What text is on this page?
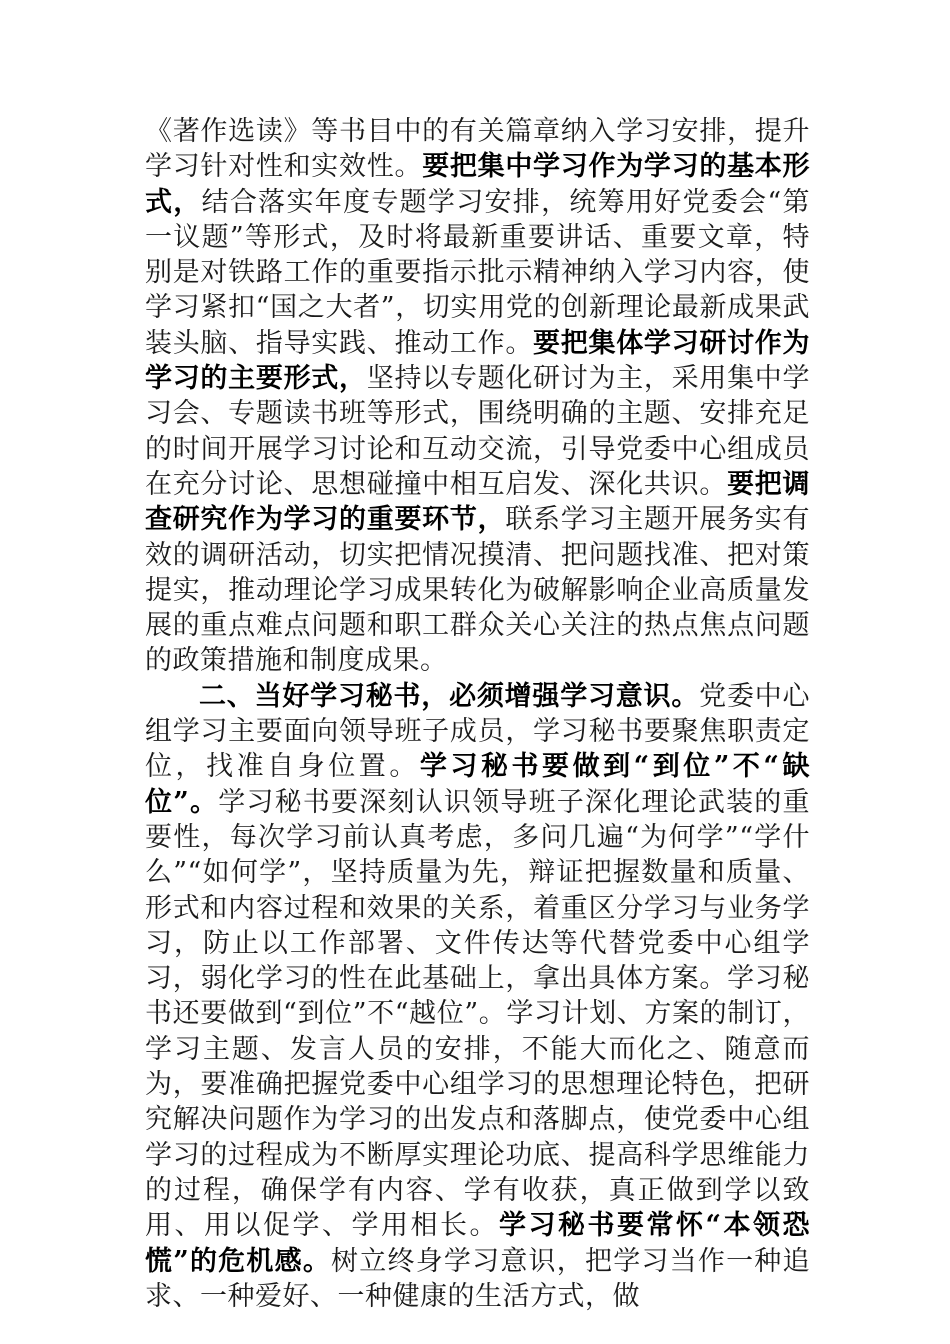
《著作选读》等书目中的有关篇章纳入学习安排，提升学习针对性和实效性。要把集中学习作为学习的基本形式，结合落实年度专题学习安排，统筹用好党委会“第一议题”等形式，及时将最新重要讲话、重要文章，特别是对铁路工作的重要指示批示精神纳入学习内容，使学习紧扣“国之大者”，切实用党的创新理论最新成果武装头脑、指导实践、推动工作。要把集体学习研讨作为学习的主要形式，坚持以专题化研讨为主，采用集中学习会、专题读书班等形式，围绕明确的主题、安排充足的时间开展学习讨论和互动交流，引导党委中心组成员在充分讨论、思想碰撞中相互启发、深化共识。要把调查研究作为学习的重要环节，联系学习主题开展务实有效的调研活动，切实把情况摸清、把问题找准、把对策提实，推动理论学习成果转化为破解影响企业高质量发展的重点难点问题和职工群众关心关注的热点焦点问题的政策措施和制度成果。

二、当好学习秘书，必须增强学习意识。党委中心组学习主要面向领导班子成员，学习秘书要聚焦职责定位，找准自身位置。学习秘书要做到“到位”不“缺位”。学习秘书要深刻认识领导班子深化理论武装的重要性，每次学习前认真考虑，多问几遍“为何学”“学什么”“如何学”，坚持质量为先，辩证把握数量和质量、形式和内容过程和效果的关系，着重区分学习与业务学习，防止以工作部署、文件传达等代替党委中心组学习，弱化学习的性在此基础上，拿出具体方案。学习秘书还要做到“到位”不“越位”。学习计划、方案的制订，学习主题、发言人员的安排，不能大而化之、随意而为，要准确把握党委中心组学习的思想理论特色，把研究解决问题作为学习的出发点和落脚点，使党委中心组学习的过程成为不断厚实理论功底、提高科学思维能力的过程，确保学有内容、学有收获，真正做到学以致用、用以促学、学用相长。学习秘书要常怀“本领恐慌”的危机感。树立终身学习意识，把学习当作一种追求、一种爱好、一种健康的生活方式，做
